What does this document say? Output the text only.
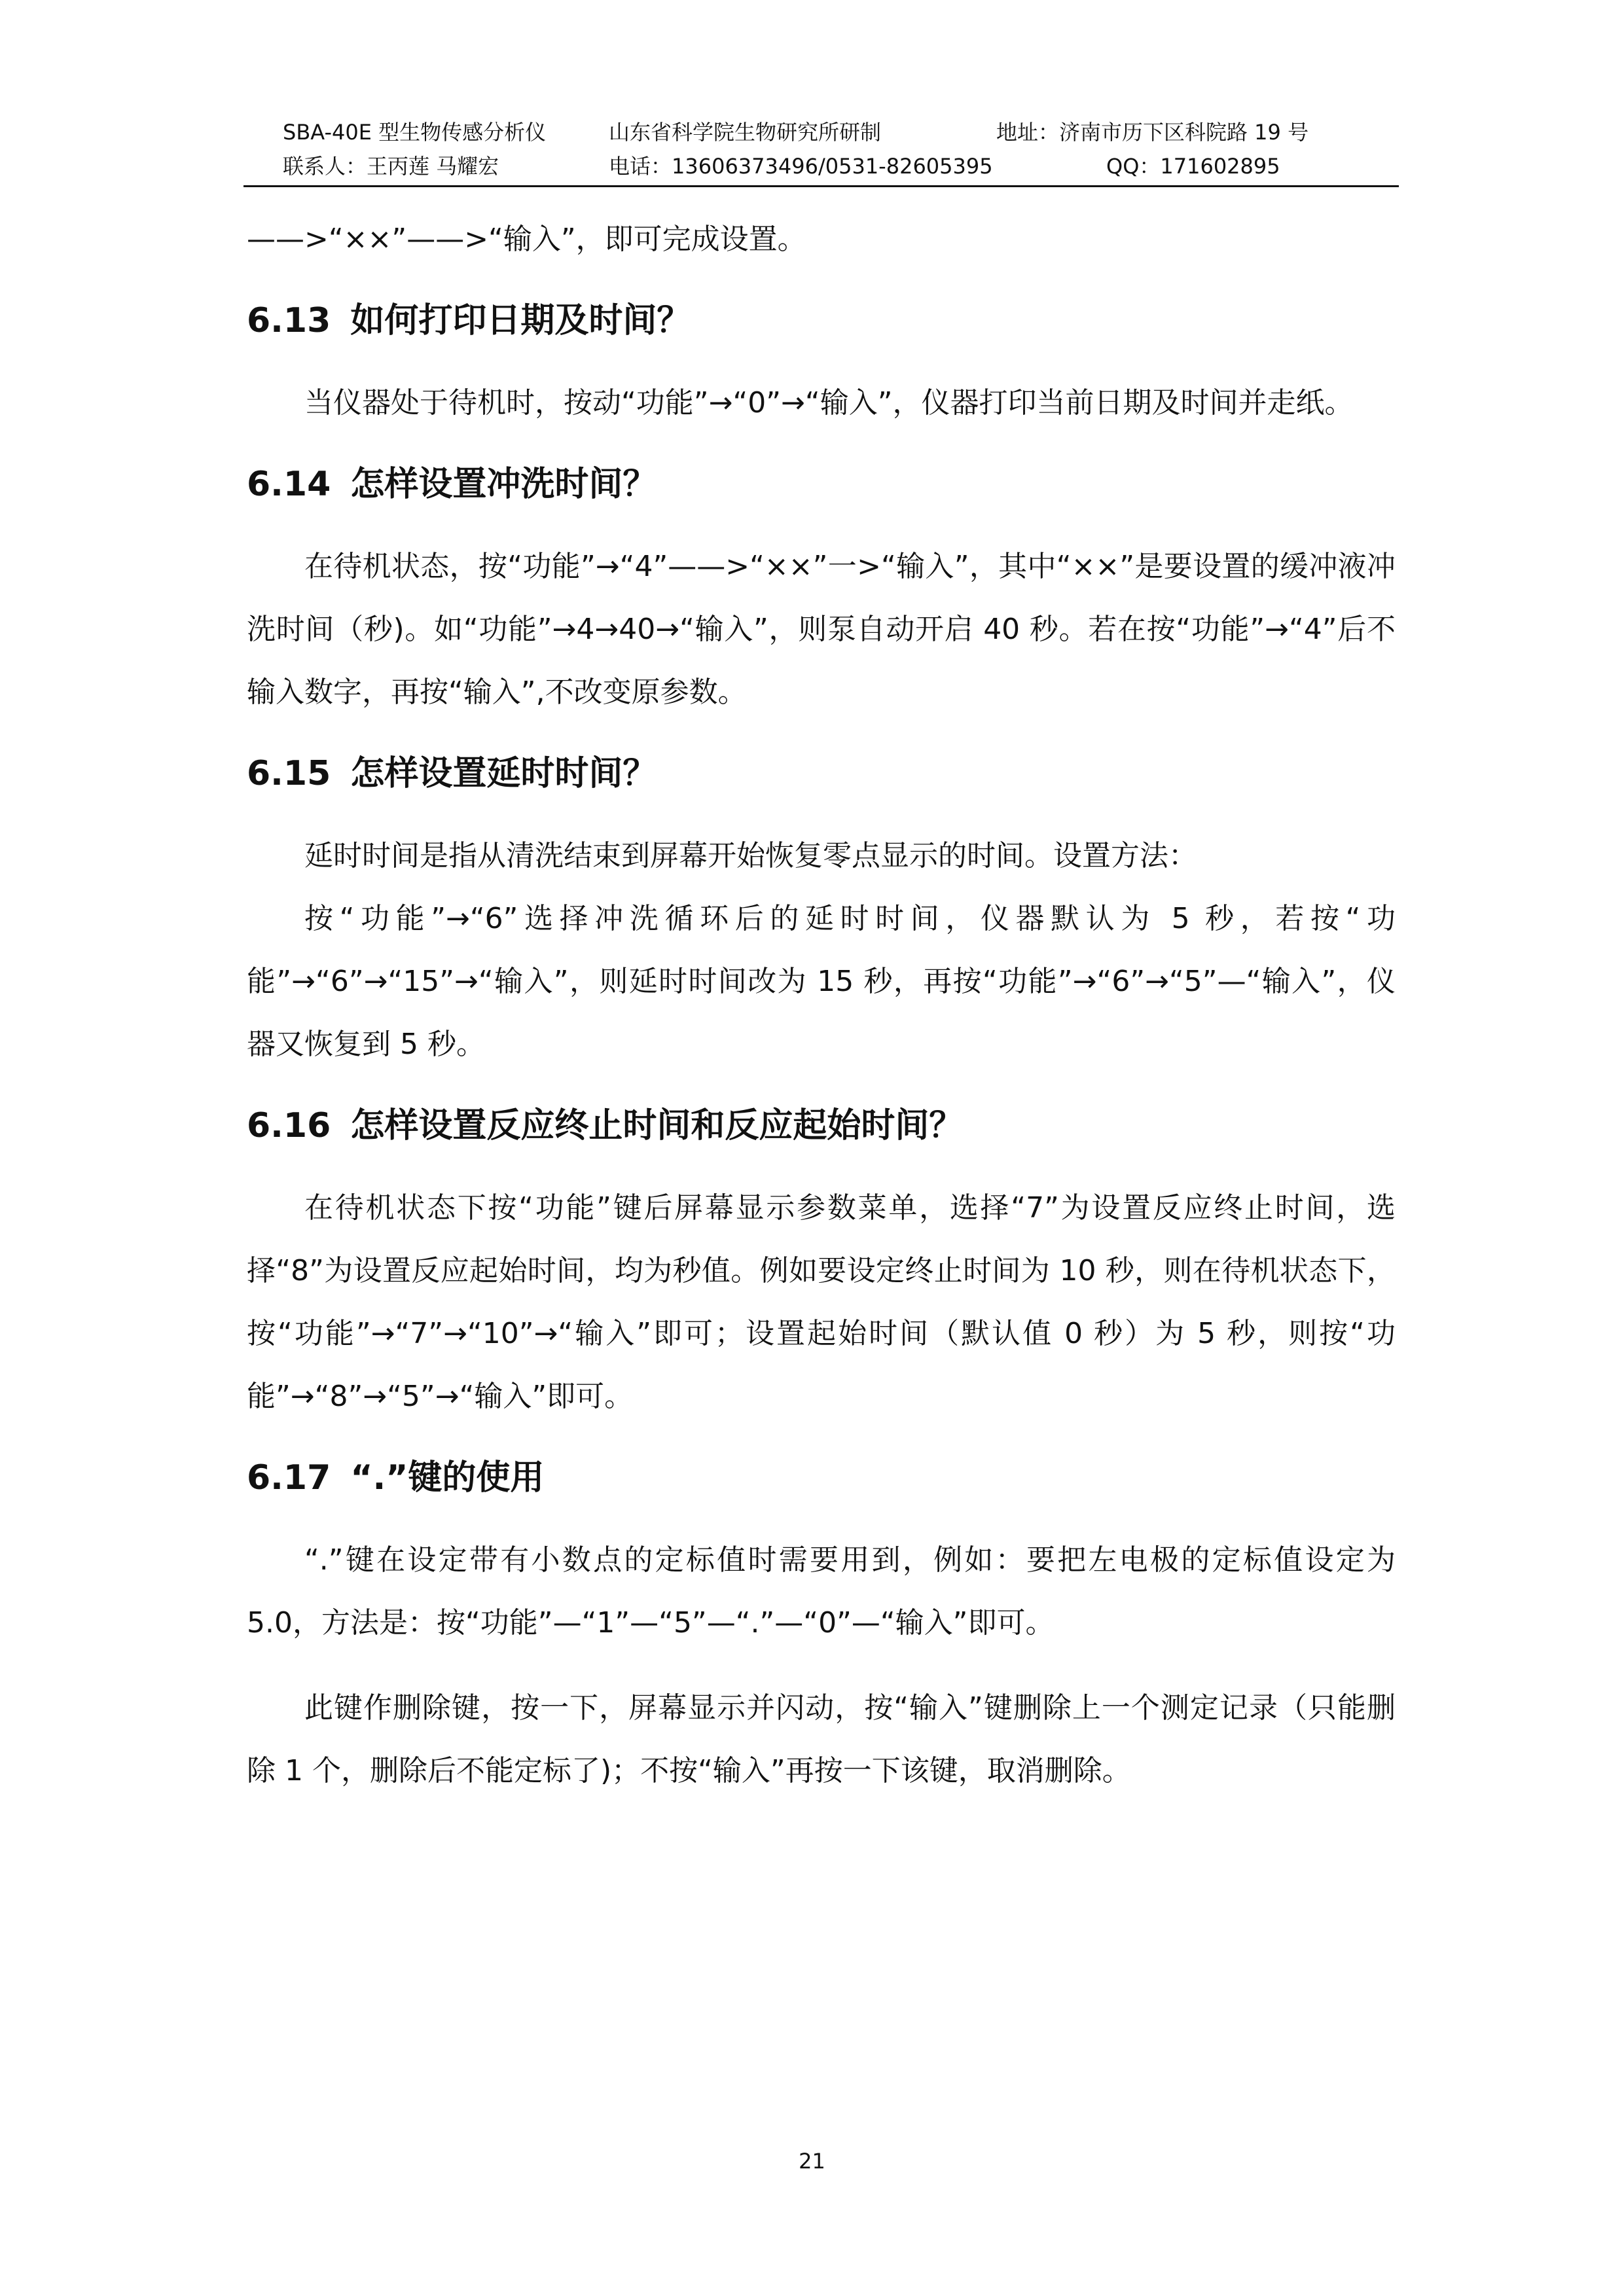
SBA-40E 型生物传感分析仪	山东省科学院生物研究所研制	地址：济南市历下区科院路 19 号
联系人：王丙莲 马耀宏	电话：13606373496/0531-82605395	QQ：171602895
——>“××”——>“输入”，即可完成设置。
6.13 如何打印日期及时间？

当仪器处于待机时，按动“功能”→“0”→“输入”，仪器打印当前日期及时间并走纸。

6.14 怎样设置冲洗时间？

在待机状态，按“功能”→“4”——>“××”一>“输入”，其中“××”是要设置的缓冲液冲洗时间（秒)。如“功能”→4→40→“输入”，则泵自动开启 40 秒。若在按“功能”→“4”后不输入数字，再按“输入”,不改变原参数。

6.15 怎样设置延时时间？

延时时间是指从清洗结束到屏幕开始恢复零点显示的时间。设置方法：

按“功能”→“6”选择冲洗循环后的延时时间，仪器默认为 5 秒，若按“功能”→“6”→“15”→“输入”，则延时时间改为 15 秒，再按“功能”→“6”→“5”—“输入”，仪器又恢复到 5 秒。

6.16 怎样设置反应终止时间和反应起始时间？

在待机状态下按“功能”键后屏幕显示参数菜单，选择“7”为设置反应终止时间，选择“8”为设置反应起始时间，均为秒值。例如要设定终止时间为 10 秒，则在待机状态下， 按“功能”→“7”→“10”→“输入”即可；设置起始时间（默认值 0 秒）为 5 秒，则按“功能”→“8”→“5”→“输入”即可。

6.17 “.”键的使用

“.”键在设定带有小数点的定标值时需要用到，例如：要把左电极的定标值设定为 5.0，方法是：按“功能”—“1”—“5”—“.”—“0”—“输入”即可。

此键作删除键，按一下，屏幕显示并闪动，按“输入”键删除上一个测定记录（只能删除 1 个，删除后不能定标了)；不按“输入”再按一下该键，取消删除。

21
